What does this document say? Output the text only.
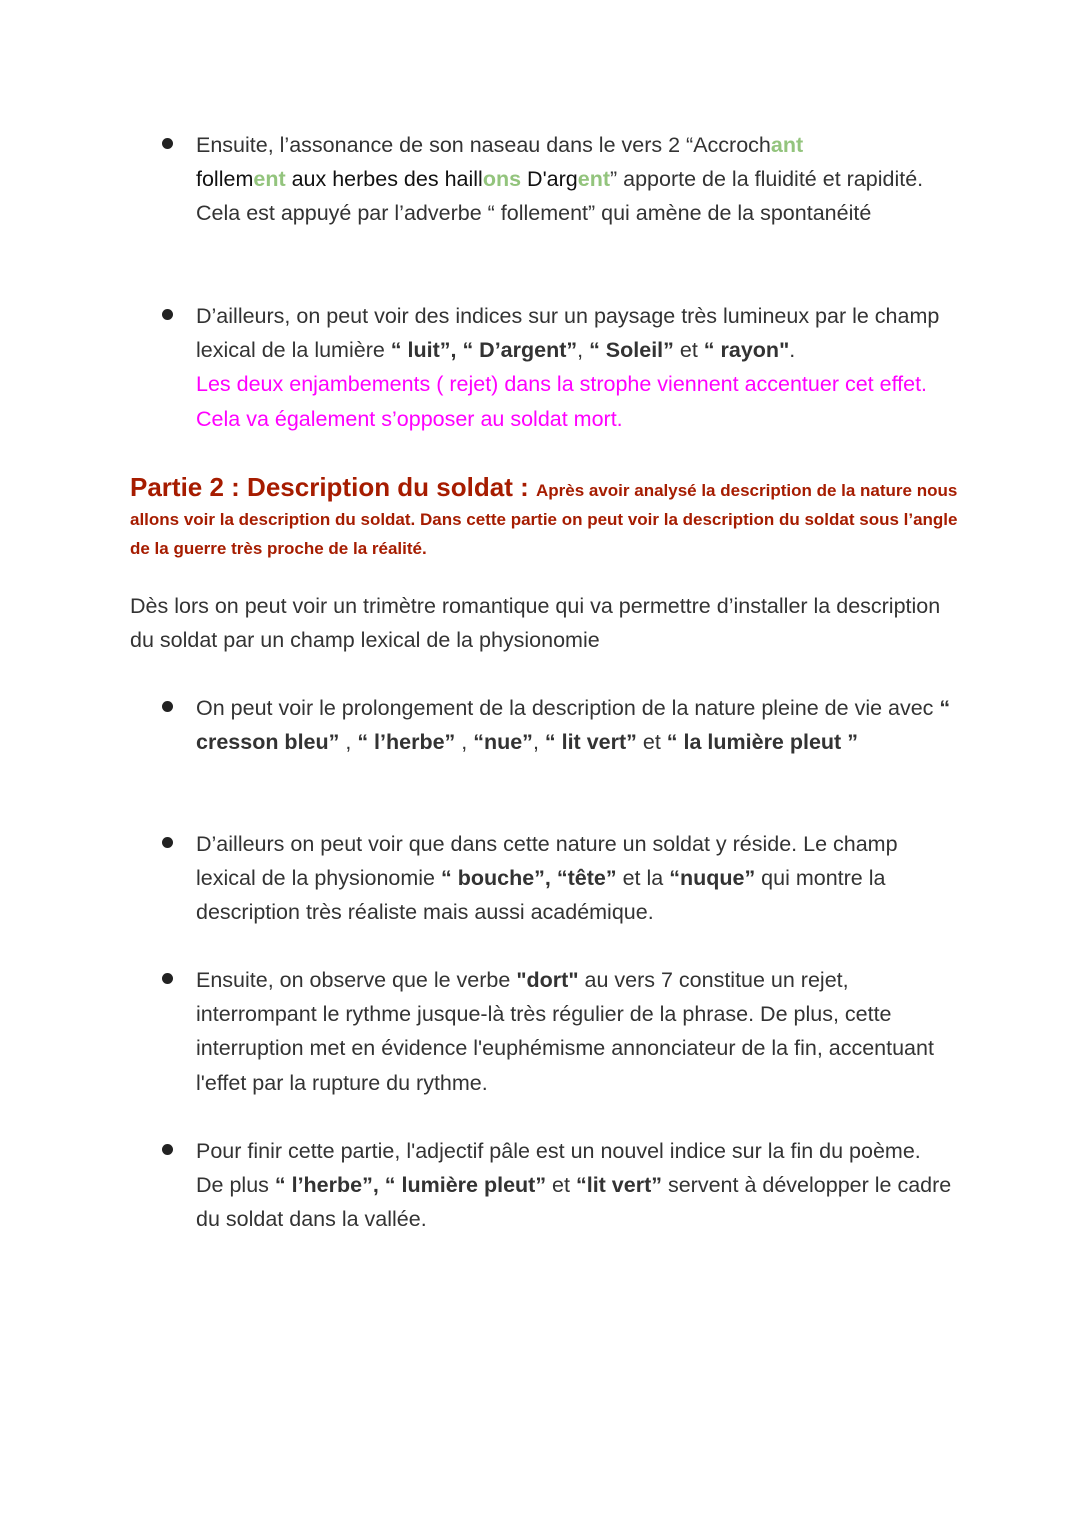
Ensuite, l’assonance de son naseau dans le vers 2 “Accrochant
follement aux herbes des haillons D'argent” apporte de la fluidité et rapidité. Cela est appuyé par l’adverbe “ follement” qui amène de la spontanéité
D’ailleurs, on peut voir des indices sur un paysage très lumineux par le champ lexical de la lumière “ luit”, “ D’argent”, “ Soleil” et “ rayon".
Les deux enjambements ( rejet) dans la strophe viennent accentuer cet effet. Cela va également s’opposer au soldat mort.
Partie 2 : Description du soldat : Après avoir analysé la description de la nature nous allons voir la description du soldat. Dans cette partie on peut voir la description du soldat sous l’angle de la guerre très proche de la réalité.

Dès lors on peut voir un trimètre romantique qui va permettre d’installer la description du soldat par un champ lexical de la physionomie

On peut voir le prolongement de la description de la nature pleine de vie avec “ cresson bleu” , “ l’herbe” , “nue”, “ lit vert” et “ la lumière pleut ”
D’ailleurs on peut voir que dans cette nature un soldat y réside. Le champ lexical de la physionomie “ bouche”, “tête” et la “nuque” qui montre la description très réaliste mais aussi académique.
Ensuite, on observe que le verbe "dort" au vers 7 constitue un rejet, interrompant le rythme jusque-là très régulier de la phrase. De plus, cette interruption met en évidence l'euphémisme annonciateur de la fin, accentuant l'effet par la rupture du rythme.
Pour finir cette partie, l'adjectif pâle est un nouvel indice sur la fin du poème. De plus “ l’herbe”, “ lumière pleut” et “lit vert” servent à développer le cadre du soldat dans la vallée.
